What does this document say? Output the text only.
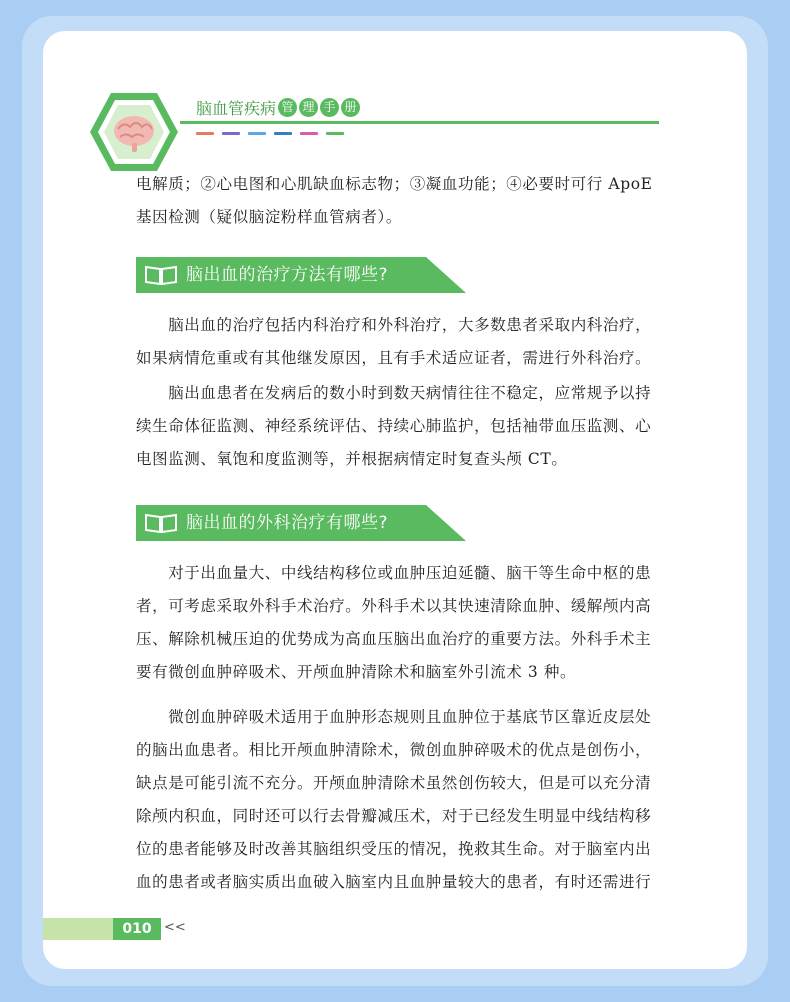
脑血管疾病 管 理 手 册
电解质；②心电图和心肌缺血标志物；③凝血功能；④必要时可行 ApoE
基因检测（疑似脑淀粉样血管病者）。
脑出血的治疗方法有哪些?
　　脑出血的治疗包括内科治疗和外科治疗，大多数患者采取内科治疗，
如果病情危重或有其他继发原因，且有手术适应证者，需进行外科治疗。
　　脑出血患者在发病后的数小时到数天病情往往不稳定，应常规予以持
续生命体征监测、神经系统评估、持续心肺监护，包括袖带血压监测、心
电图监测、氧饱和度监测等，并根据病情定时复查头颅 CT。
脑出血的外科治疗有哪些?
　　对于出血量大、中线结构移位或血肿压迫延髓、脑干等生命中枢的患
者，可考虑采取外科手术治疗。外科手术以其快速清除血肿、缓解颅内高
压、解除机械压迫的优势成为高血压脑出血治疗的重要方法。外科手术主
要有微创血肿碎吸术、开颅血肿清除术和脑室外引流术 3 种。
　　微创血肿碎吸术适用于血肿形态规则且血肿位于基底节区靠近皮层处
的脑出血患者。相比开颅血肿清除术，微创血肿碎吸术的优点是创伤小，
缺点是可能引流不充分。开颅血肿清除术虽然创伤较大，但是可以充分清
除颅内积血，同时还可以行去骨瓣减压术，对于已经发生明显中线结构移
位的患者能够及时改善其脑组织受压的情况，挽救其生命。对于脑室内出
血的患者或者脑实质出血破入脑室内且血肿量较大的患者，有时还需进行
010 <<
